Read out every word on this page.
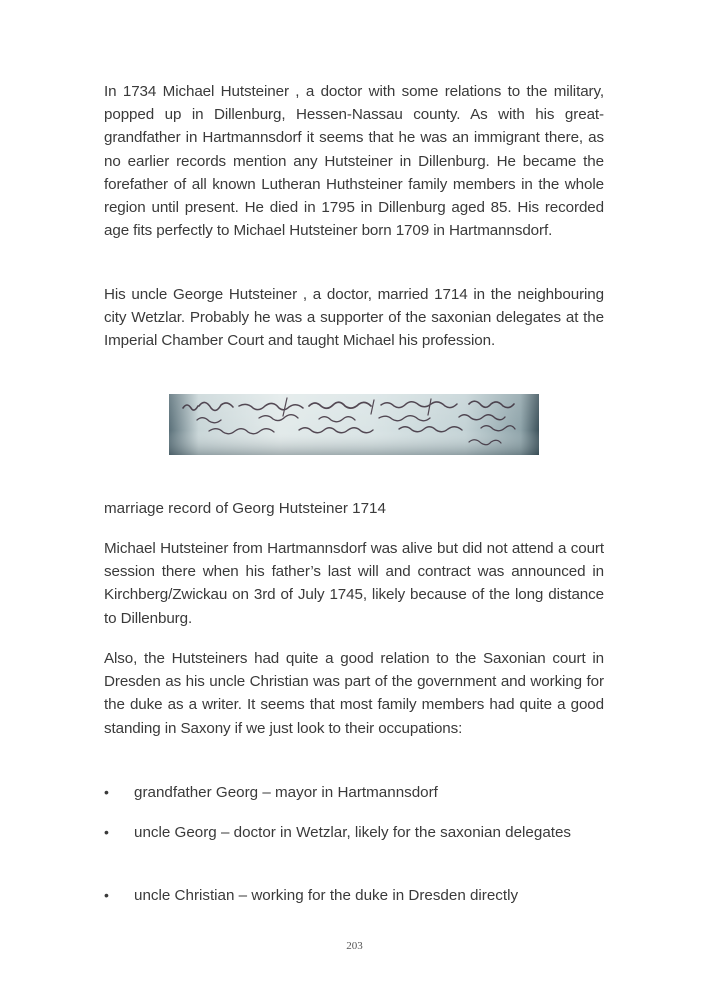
In 1734 Michael Hutsteiner , a doctor with some relations to the military, popped up in Dillenburg, Hessen-Nassau county. As with his great-grandfather in Hartmannsdorf it seems that he was an immigrant there, as no earlier records mention any Hutsteiner in Dillenburg. He became the forefather of all known Lutheran Huthsteiner family members in the whole region until present. He died in 1795 in Dillenburg aged 85. His recorded age fits perfectly to Michael Hutsteiner born 1709 in Hartmannsdorf.

His uncle George Hutsteiner , a doctor, married 1714 in the neighbouring city Wetzlar. Probably he was a supporter of the saxonian delegates at the Imperial Chamber Court and taught Michael his profession.

marriage record of Georg Hutsteiner 1714

Michael Hutsteiner from Hartmannsdorf was alive but did not attend a court session there when his father’s last will and contract was announced in Kirchberg/Zwickau on 3rd of July 1745, likely because of the long distance to Dillenburg.

Also, the Hutsteiners had quite a good relation to the Saxonian court in Dresden as his uncle Christian was part of the government and working for the duke as a writer. It seems that most family members had quite a good standing in Saxony if we just look to their occupations:

•	grandfather Georg – mayor in Hartmannsdorf
•	uncle Georg – doctor in Wetzlar, likely for the saxonian delegates
•	uncle Christian – working for the duke in Dresden directly
203
